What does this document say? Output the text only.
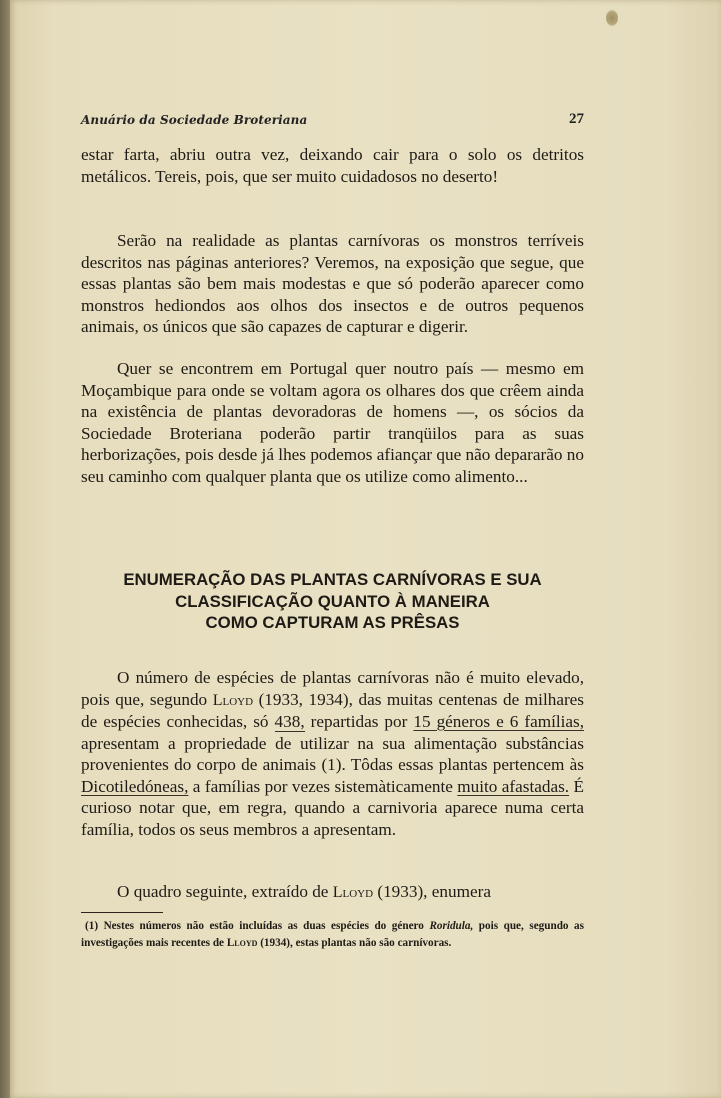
Anuário da Sociedade Broteriana	27

estar farta, abriu outra vez, deixando cair para o solo os detritos metálicos. Tereis, pois, que ser muito cuidadosos no deserto!

Serão na realidade as plantas carnívoras os monstros terríveis descritos nas páginas anteriores? Veremos, na exposição que segue, que essas plantas são bem mais modestas e que só poderão aparecer como monstros hediondos aos olhos dos insectos e de outros pequenos animais, os únicos que são capazes de capturar e digerir.

Quer se encontrem em Portugal quer noutro país — mesmo em Moçambique para onde se voltam agora os olhares dos que crêem ainda na existência de plantas devoradoras de homens —, os sócios da Sociedade Broteriana poderão partir tranqüilos para as suas herborizações, pois desde já lhes podemos afiançar que não depararão no seu caminho com qualquer planta que os utilize como alimento...

ENUMERAÇÃO DAS PLANTAS CARNÍVORAS E SUA
CLASSIFICAÇÃO QUANTO À MANEIRA
COMO CAPTURAM AS PRÊSAS

O número de espécies de plantas carnívoras não é muito elevado, pois que, segundo Lloyd (1933, 1934), das muitas centenas de milhares de espécies conhecidas, só 438, repartidas por 15 géneros e 6 famílias, apresentam a propriedade de utilizar na sua alimentação substâncias provenientes do corpo de animais (1). Tôdas essas plantas pertencem às Dicotiledóneas, a famílias por vezes sistemàticamente muito afastadas. É curioso notar que, em regra, quando a carnivoria aparece numa certa família, todos os seus membros a apresentam.

O quadro seguinte, extraído de Lloyd (1933), enumera

(1) Nestes números não estão incluídas as duas espécies do género Roridula, pois que, segundo as investigações mais recentes de Lloyd (1934), estas plantas não são carnívoras.
